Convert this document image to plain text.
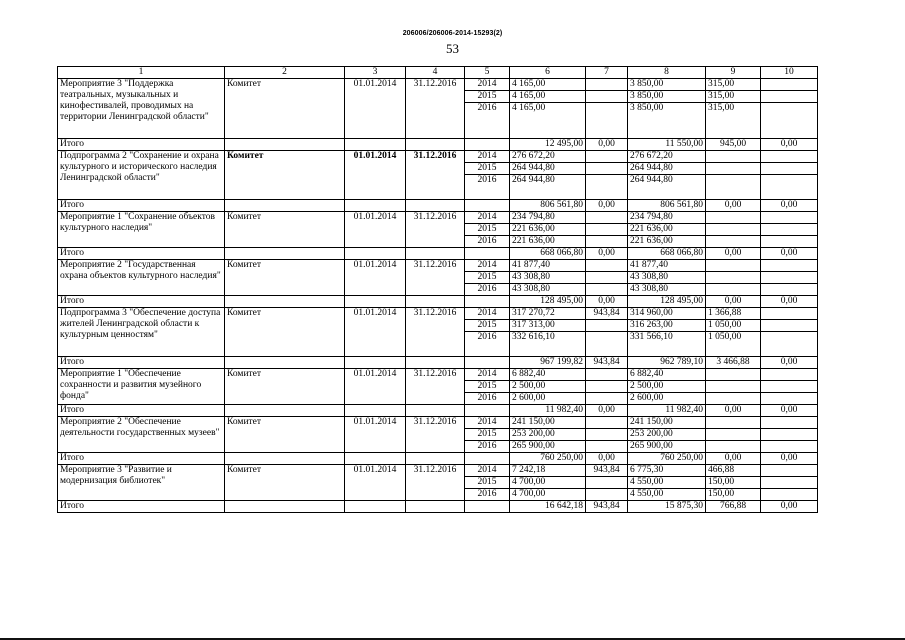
206006/206006-2014-15293(2)
53
1	2	3	4	5	6	7	8	9	10
Мероприятие 3 "Поддержка театральных, музыкальных и кинофестивалей, проводимых на территории Ленинградской области"	Комитет	01.01.2014	31.12.2016	2014	4 165,00		3 850,00	315,00	
				2015	4 165,00		3 850,00	315,00	
				2016	4 165,00		3 850,00	315,00	
Итого					12 495,00	0,00	11 550,00	945,00	0,00
Подпрограмма 2 "Сохранение и охрана культурного и исторического наследия Ленинградской области"	Комитет	01.01.2014	31.12.2016	2014	276 672,20		276 672,20		
				2015	264 944,80		264 944,80		
				2016	264 944,80		264 944,80		
Итого					806 561,80	0,00	806 561,80	0,00	0,00
Мероприятие 1 "Сохранение объектов культурного наследия"	Комитет	01.01.2014	31.12.2016	2014	234 794,80		234 794,80		
				2015	221 636,00		221 636,00		
				2016	221 636,00		221 636,00		
Итого					668 066,80	0,00	668 066,80	0,00	0,00
Мероприятие 2 "Государственная охрана объектов культурного наследия"	Комитет	01.01.2014	31.12.2016	2014	41 877,40		41 877,40		
				2015	43 308,80		43 308,80		
				2016	43 308,80		43 308,80		
Итого					128 495,00	0,00	128 495,00	0,00	0,00
Подпрограмма 3 "Обеспечение доступа жителей Ленинградской области к культурным ценностям"	Комитет	01.01.2014	31.12.2016	2014	317 270,72	943,84	314 960,00	1 366,88	
				2015	317 313,00		316 263,00	1 050,00	
				2016	332 616,10		331 566,10	1 050,00	
Итого					967 199,82	943,84	962 789,10	3 466,88	0,00
Мероприятие 1 "Обеспечение сохранности и развития музейного фонда"	Комитет	01.01.2014	31.12.2016	2014	6 882,40		6 882,40		
				2015	2 500,00		2 500,00		
				2016	2 600,00		2 600,00		
Итого					11 982,40	0,00	11 982,40	0,00	0,00
Мероприятие 2 "Обеспечение деятельности государственных музеев"	Комитет	01.01.2014	31.12.2016	2014	241 150,00		241 150,00		
				2015	253 200,00		253 200,00		
				2016	265 900,00		265 900,00		
Итого					760 250,00	0,00	760 250,00	0,00	0,00
Мероприятие 3 "Развитие и модернизация библиотек"	Комитет	01.01.2014	31.12.2016	2014	7 242,18	943,84	6 775,30	466,88	
				2015	4 700,00		4 550,00	150,00	
				2016	4 700,00		4 550,00	150,00	
Итого					16 642,18	943,84	15 875,30	766,88	0,00
